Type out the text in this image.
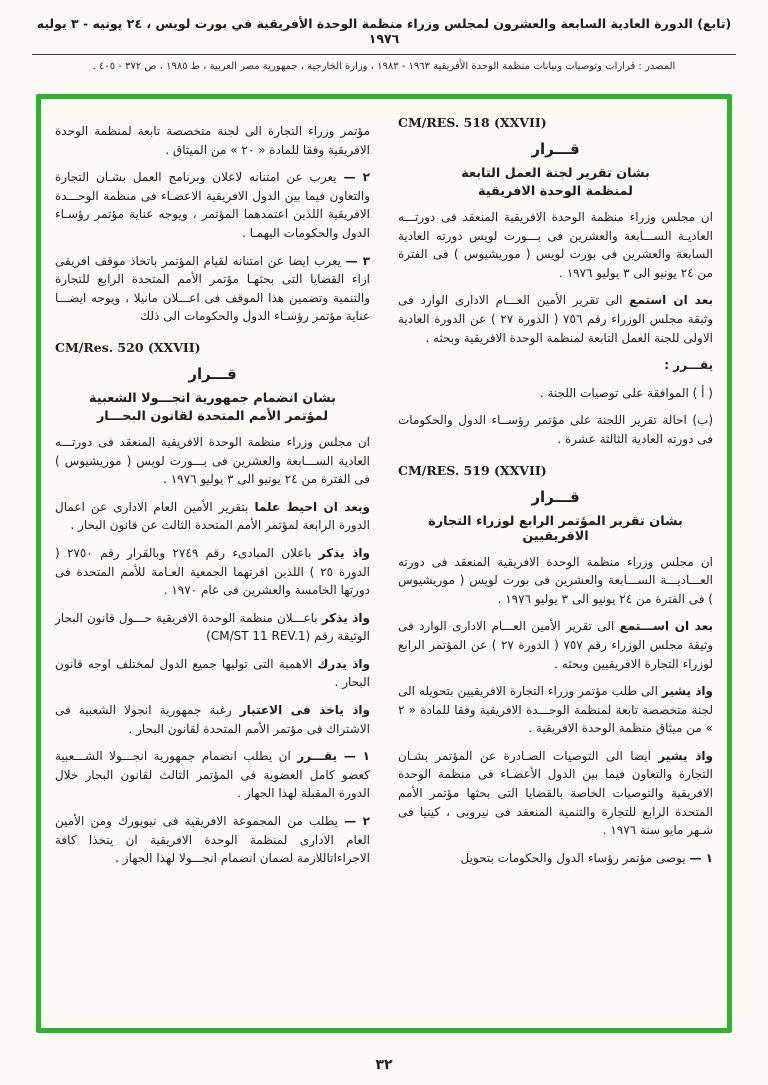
(تابع) الدورة العادية السابعة والعشرون لمجلس وزراء منظمة الوحدة الأفريقية في بورت لويس ، ٢٤ يونيه - ٣ يوليه ١٩٧٦
المصدر : قرارات وتوصيات وبيانات منظمة الوحدة الأفريقية ١٩٦٣ - ١٩٨٣ ، وزارة الخارجية ، جمهورية مصر العربية ، ط ١٩٨٥ ، ص ٣٧٢ - ٤٠٥ .
CM/RES. 518 (XXVII)
قـــرار
بشان تقرير لجنة العمل التابعة
لمنظمة الوحدة الافريقية

ان مجلس وزراء منظمة الوحدة الافريقية المنعقد فى دورتـــه العاديـة الســـابعة والعشرين فى بـــورت لويس دورته العادية السابعة والعشرين فى بورت لويس ( موريشيوس ) فى الفترة من ٢٤ يونيو الى ٣ يوليو ١٩٧٦ .

بعد ان استمع الى تقرير الأمين العـــام الادارى الوارد فى وثيقة مجلس الوزراء رقم ٧٥٦ ( الدورة ٢٧ ) عن الدورة العادية الاولى للجنة العمل التابعة لمنظمة الوحدة الافريقية وبحثه .

يقـــرر :

( أ ) الموافقة على توصيات اللجنة .

(ب) احالة تقرير اللجنة على مؤتمر رؤســاء الدول والحكومات فى دورته العادية الثالثة عشرة .

CM/RES. 519 (XXVII)
قـــرار
بشان تقرير المؤتمر الرابع لوزراء التجارة الافريقيين

ان مجلس وزراء منظمة الوحدة الافريقية المنعقد فى دورته العـــاديـــة الســـابعة والعشرين فى بورت لويس ( موريشيوس ) فى الفترة من ٢٤ يونيو الى ٣ يوليو ١٩٧٦ .

بعد ان اســـتمع الى تقرير الأمين العـــام الادارى الوارد فى وثيقة مجلس الوزراء رقم ٧٥٧ ( الدورة ٢٧ ) عن المؤتمر الرابع لوزراء التجارة الافريقيين وبحثه .

واذ يشير الى طلب مؤتمر وزراء التجارة الافريقيين بتحويله الى لجنة متخصصة تابعة لمنظمة الوحـــدة الافريقية وفقا للمادة « ٢ » من ميثاق منظمة الوحدة الافريقية .

واذ يشير ايضا الى التوصيات الصـادرة عن المؤتمر بشـان التجارة والتعاون فيما بين الدول الأعضـاء فى منظمة الوحدة الافريقية والتوصيات الخاصة بالقضايا التى بحثها مؤتمر الأمم المتحدة الرابع للتجارة والتنمية المنعقد فى نيروبى ، كينيا فى شـهر مايو سنة ١٩٧٦ .

١ — يوصى مؤتمر رؤساء الدول والحكومات بتحويل

مؤتمر وزراء التجارة الى لجنة متخصصة تابعة لمنظمة الوحدة الافريقية وفقا للمادة « ٢٠ » من الميثاق .

٢ — يعرب عن امتنانه لاعلان وبرنامج العمل بشـان التجارة والتعاون فيما بين الدول الافريقية الاعضـاء فى منظمة الوحـــدة الافريقية اللذين اعتمدهما المؤتمر ، ويوجه عناية مؤتمر رؤسـاء الدول والحكومات اليهمـا .

٣ — يعرب ايضا عن امتنانه لقيام المؤتمر باتخاذ موقف افريقى ازاء القضايا التى بحثهـا مؤتمر الأمم المتحدة الرابع للتجارة والتنمية وتضمين هذا الموقف فى اعـــلان مانيلا ، ويوجه ايضـــا عناية مؤتمر رؤسـاء الدول والحكومات الى ذلك

CM/Res. 520 (XXVII)
قـــرار
بشان انضمام جمهورية انجـــولا الشعبية
لمؤتمر الأمم المتحدة لقانون البحـــار

ان مجلس وزراء منظمة الوحدة الافريقية المنعقد فى دورتـــه العادية الســـابعة والعشرين فى بـــورت لويس ( موريشيوس ) فى الفترة من ٢٤ يونيو الى ٣ يوليو ١٩٧٦ .

وبعد ان احيط علما بتقرير الأمين العام الادارى عن اعمال الدورة الرابعة لمؤتمر الأمم المتحدة الثالث عن قانون البحار .

واذ يذكر باعلان المبادىء رقم ٢٧٤٩ وبالقرار رقم ٢٧٥٠ ( الدورة ٢٥ ) اللذين اقرتهما الجمعية العـامة للأمم المتحدة فى دورتها الخامسة والعشرين فى عام ١٩٧٠ .

واذ يذكر باعـــلان منظمة الوحدة الافريقية حـــول قانون البحار الوثيقة رقم (CM/ST 11 REV.1)

واذ يدرك الاهمية التى توليها جميع الدول لمختلف اوجه قانون البحار .

واذ ياخذ فى الاعتبار رغبة جمهورية انجولا الشعبية فى الاشتراك فى مؤتمر الأمم المتحدة لقانون البحار .

١ — يقـــرر ان يطلب انضمام جمهورية انجـــولا الشـــعبية كعضو كامل العضوية فى المؤتمر الثالث لقانون البحار خلال الدورة المقبلة لهذا الجهاز .

٢ — يطلب من المجموعة الافريقية فى نيويورك ومن الأمين العام الادارى لمنظمة الوحدة الافريقية ان يتخذا كافة الاجراءاتاللازمة لضمان انضمام انجـــولا لهذا الجهاز .

٣٢
